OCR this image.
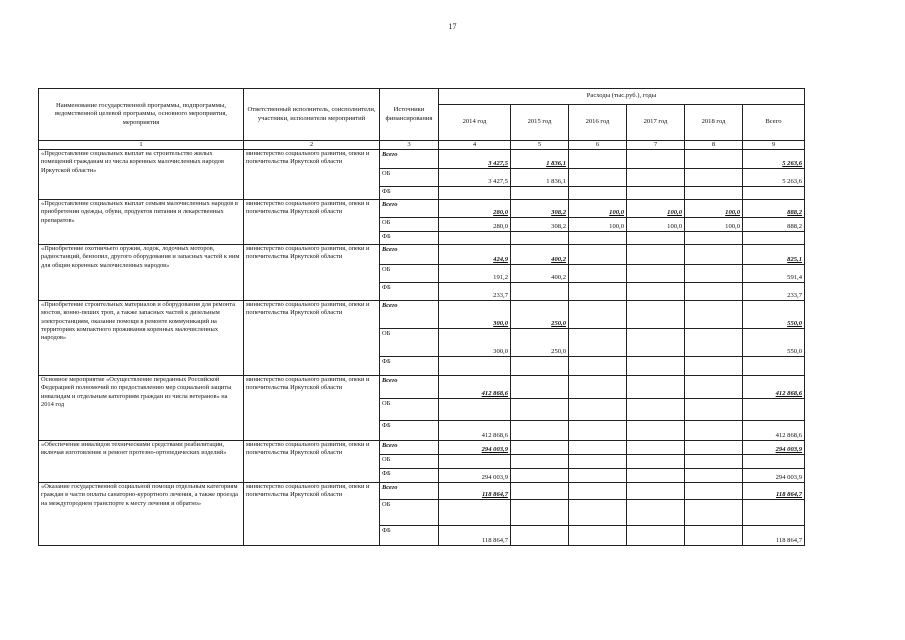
17
Наименование государственной программы, подпрограммы, ведомственной целевой программы, основного мероприятия, мероприятия	Ответственный исполнитель, соисполнители, участники, исполнители мероприятий	Источники финансирования	Расходы (тыс.руб.), годы					
			2014 год	2015 год	2016 год	2017 год	2018 год	Всего
1	2	3	4	5	6	7	8	9
«Предоставление социальных выплат на строительство жилых помещений гражданам из числа коренных малочисленных народов Иркутской области»	министерство социального развития, опеки и попечительства Иркутской области	Всего	3 427,5	1 836,1				5 263,6
		ОБ	3 427,5	1 836,1				5 263,6
		ФБ						
«Предоставление социальных выплат семьям малочисленных народов в приобретении одежды, обуви, продуктов питания и лекарственных препаратов»	министерство социального развития, опеки и попечительства Иркутской области	Всего	280,0	308,2	100,0	100,0	100,0	888,2
		ОБ	280,0	308,2	100,0	100,0	100,0	888,2
		ФБ						
«Приобретение охотничьего оружия, лодок, лодочных моторов, радиостанций, бензопил, другого оборудования и запасных частей к ним для общин коренных малочисленных народов»	министерство социального развития, опеки и попечительства Иркутской области	Всего	424,9	400,2				825,1
		ОБ	191,2	400,2				591,4
		ФБ	233,7					233,7
«Приобретение строительных материалов и оборудования для ремонта мостов, конно-пеших троп, а также запасных частей к дизельным электростанциям, оказание помощи в ремонте коммуникаций на территориях компактного проживания коренных малочисленных народов»	министерство социального развития, опеки и попечительства Иркутской области	Всего	300,0	250,0				550,0
		ОБ	300,0	250,0				550,0
		ФБ						
Основное мероприятие «Осуществление переданных Российской Федерацией полномочий по предоставлению мер социальной защиты инвалидам и отдельным категориям граждан из числа ветеранов» на 2014 год	министерство социального развития, опеки и попечительства Иркутской области	Всего	412 868,6					412 868,6
		ОБ						
		ФБ	412 868,6					412 868,6
«Обеспечение инвалидов техническими средствами реабилитации, включая изготовление и ремонт протезно-ортопедических изделий»	министерство социального развития, опеки и попечительства Иркутской области	Всего	294 003,9					294 003,9
		ОБ						
		ФБ	294 003,9					294 003,9
«Оказание государственной социальной помощи отдельным категориям граждан в части оплаты санаторно-курортного лечения, а также проезда на междугороднем транспорте к месту лечения и обратно»	министерство социального развития, опеки и попечительства Иркутской области	Всего	118 864,7					118 864,7
		ОБ						
		ФБ	118 864,7					118 864,7
